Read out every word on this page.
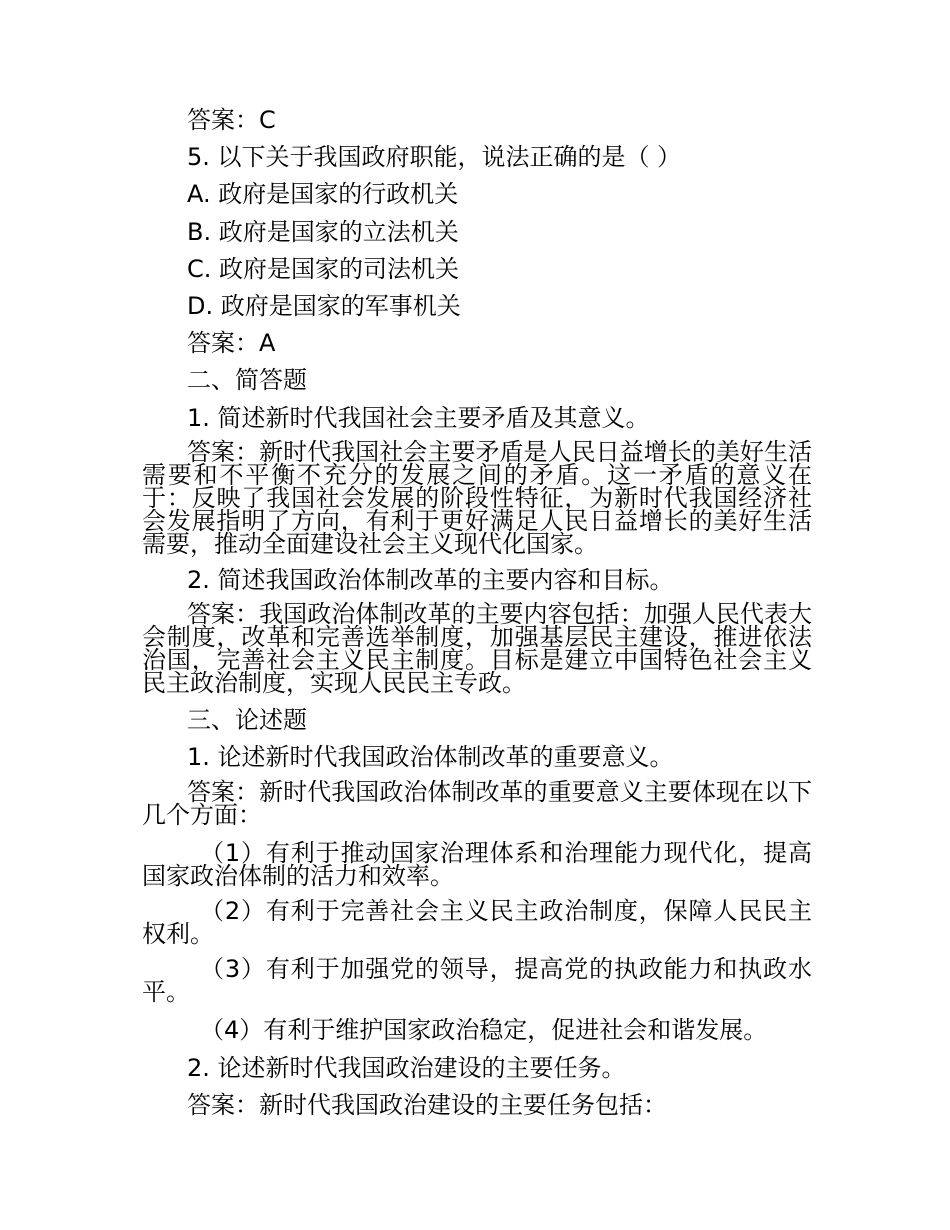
答案：C
5. 以下关于我国政府职能，说法正确的是（ ）
A. 政府是国家的行政机关
B. 政府是国家的立法机关
C. 政府是国家的司法机关
D. 政府是国家的军事机关
答案：A
二、简答题
1. 简述新时代我国社会主要矛盾及其意义。
答案：新时代我国社会主要矛盾是人民日益增长的美好生活需要和不平衡不充分的发展之间的矛盾。这一矛盾的意义在于：反映了我国社会发展的阶段性特征，为新时代我国经济社会发展指明了方向，有利于更好满足人民日益增长的美好生活需要，推动全面建设社会主义现代化国家。
2. 简述我国政治体制改革的主要内容和目标。
答案：我国政治体制改革的主要内容包括：加强人民代表大会制度，改革和完善选举制度，加强基层民主建设，推进依法治国，完善社会主义民主制度。目标是建立中国特色社会主义民主政治制度，实现人民民主专政。
三、论述题
1. 论述新时代我国政治体制改革的重要意义。
答案：新时代我国政治体制改革的重要意义主要体现在以下几个方面：
（1）有利于推动国家治理体系和治理能力现代化，提高国家政治体制的活力和效率。
（2）有利于完善社会主义民主政治制度，保障人民民主权利。
（3）有利于加强党的领导，提高党的执政能力和执政水平。
（4）有利于维护国家政治稳定，促进社会和谐发展。
2. 论述新时代我国政治建设的主要任务。
答案：新时代我国政治建设的主要任务包括：
